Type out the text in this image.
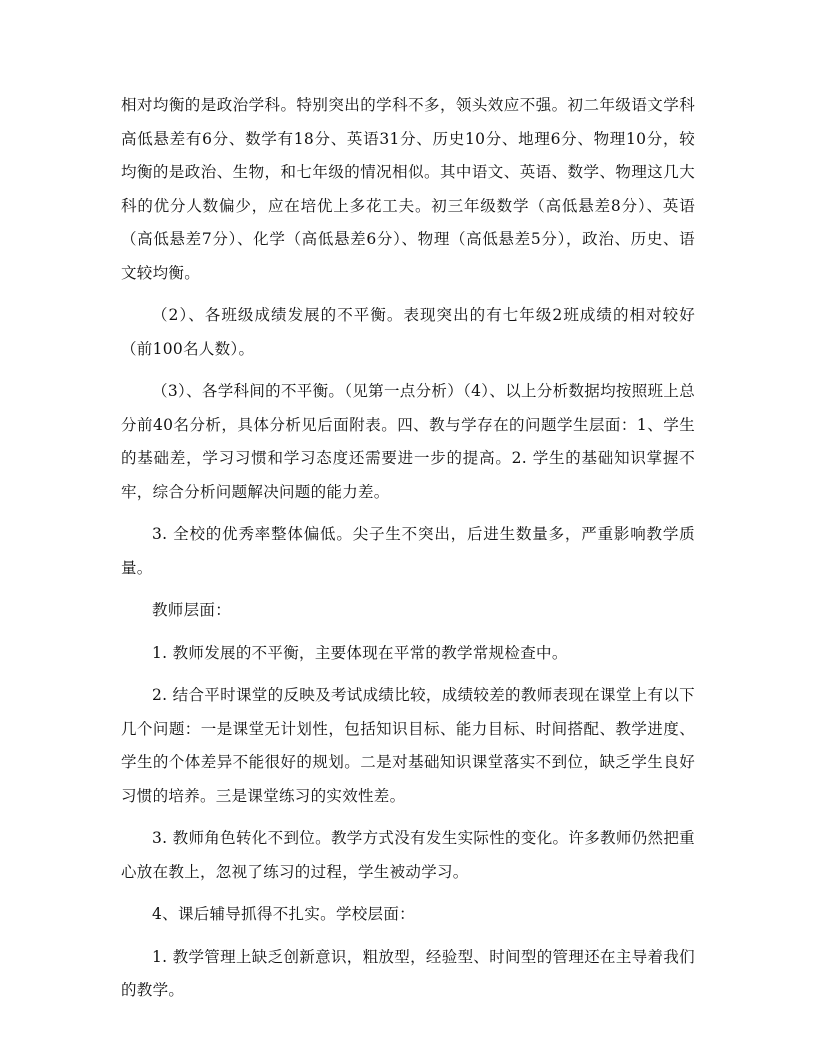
相对均衡的是政治学科。特别突出的学科不多，领头效应不强。初二年级语文学科高低悬差有6分、数学有18分、英语31分、历史10分、地理6分、物理10分，较均衡的是政治、生物，和七年级的情况相似。其中语文、英语、数学、物理这几大科的优分人数偏少，应在培优上多花工夫。初三年级数学（高低悬差8分）、英语（高低悬差7分）、化学（高低悬差6分）、物理（高低悬差5分），政治、历史、语文较均衡。

（2）、各班级成绩发展的不平衡。表现突出的有七年级2班成绩的相对较好（前100名人数）。

（3）、各学科间的不平衡。（见第一点分析）（4）、以上分析数据均按照班上总分前40名分析，具体分析见后面附表。四、教与学存在的问题学生层面：1、学生的基础差，学习习惯和学习态度还需要进一步的提高。2. 学生的基础知识掌握不牢，综合分析问题解决问题的能力差。

3. 全校的优秀率整体偏低。尖子生不突出，后进生数量多，严重影响教学质量。

教师层面：

1. 教师发展的不平衡，主要体现在平常的教学常规检查中。

2. 结合平时课堂的反映及考试成绩比较，成绩较差的教师表现在课堂上有以下几个问题：一是课堂无计划性，包括知识目标、能力目标、时间搭配、教学进度、学生的个体差异不能很好的规划。二是对基础知识课堂落实不到位，缺乏学生良好习惯的培养。三是课堂练习的实效性差。

3. 教师角色转化不到位。教学方式没有发生实际性的变化。许多教师仍然把重心放在教上，忽视了练习的过程，学生被动学习。

4、课后辅导抓得不扎实。学校层面：

1. 教学管理上缺乏创新意识，粗放型，经验型、时间型的管理还在主导着我们的教学。
